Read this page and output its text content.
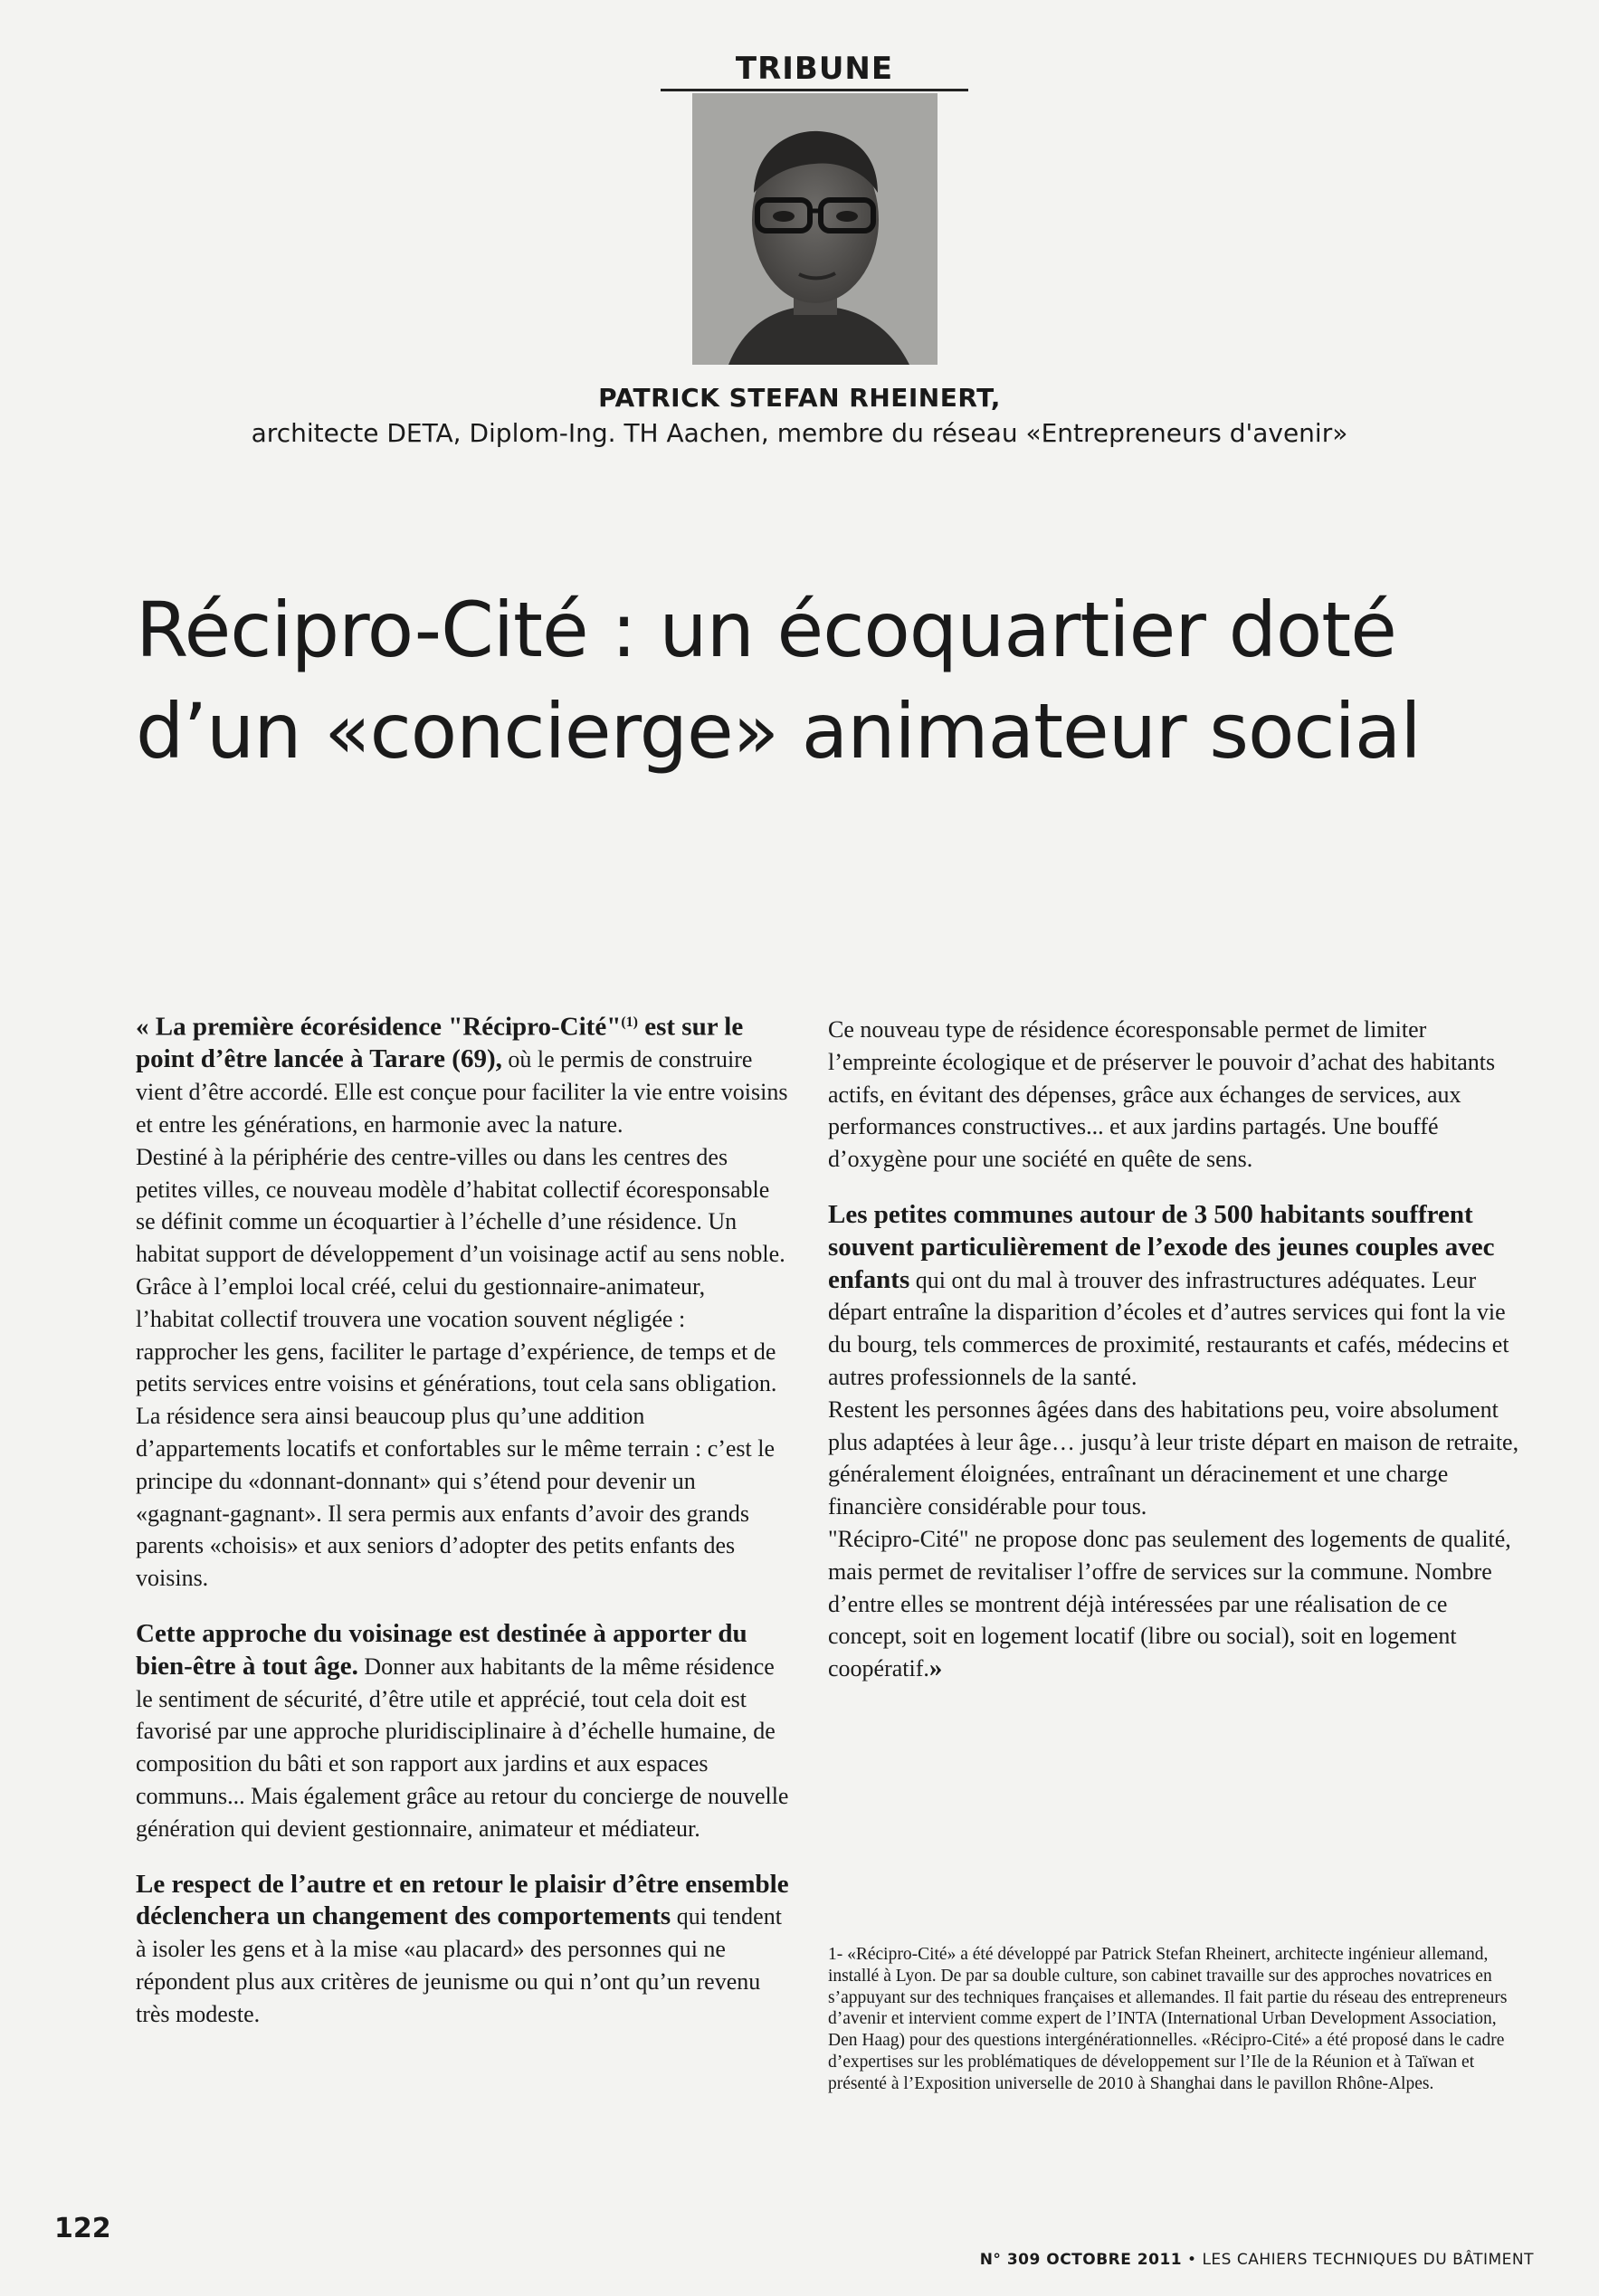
TRIBUNE
PATRICK STEFAN RHEINERT,
architecte DETA, Diplom-Ing. TH Aachen, membre du réseau «Entrepreneurs d'avenir»
Récipro-Cité : un écoquartier doté
d’un «concierge» animateur social

« La première écorésidence "Récipro-Cité"$^{(1)}$ est sur le point d’être lancée à Tarare (69), où le permis de construire vient d’être accordé. Elle est conçue pour faciliter la vie entre voisins et entre les générations, en harmonie avec la nature.

Destiné à la périphérie des centre-villes ou dans les centres des petites villes, ce nouveau modèle d’habitat collectif écoresponsable se définit comme un écoquartier à l’échelle d’une résidence. Un habitat support de développement d’un voisinage actif au sens noble.

Grâce à l’emploi local créé, celui du gestionnaire-animateur, l’habitat collectif trouvera une vocation souvent négligée : rapprocher les gens, faciliter le partage d’expérience, de temps et de petits services entre voisins et générations, tout cela sans obligation.

La résidence sera ainsi beaucoup plus qu’une addition d’appartements locatifs et confortables sur le même terrain : c’est le principe du «donnant-donnant» qui s’étend pour devenir un «gagnant-gagnant». Il sera permis aux enfants d’avoir des grands parents «choisis» et aux seniors d’adopter des petits enfants des voisins.

Cette approche du voisinage est destinée à apporter du bien-être à tout âge. Donner aux habitants de la même résidence le sentiment de sécurité, d’être utile et apprécié, tout cela doit est favorisé par une approche pluridisciplinaire à d’échelle humaine, de composition du bâti et son rapport aux jardins et aux espaces communs... Mais également grâce au retour du concierge de nouvelle génération qui devient gestionnaire, animateur et médiateur.

Le respect de l’autre et en retour le plaisir d’être ensemble déclenchera un changement des comportements qui tendent à isoler les gens et à la mise «au placard» des personnes qui ne répondent plus aux critères de jeunisme ou qui n’ont qu’un revenu très modeste.

Ce nouveau type de résidence écoresponsable permet de limiter l’empreinte écologique et de préserver le pouvoir d’achat des habitants actifs, en évitant des dépenses, grâce aux échanges de services, aux performances constructives... et aux jardins partagés. Une bouffé d’oxygène pour une société en quête de sens.

Les petites communes autour de 3 500 habitants souffrent souvent particulièrement de l’exode des jeunes couples avec enfants qui ont du mal à trouver des infrastructures adéquates. Leur départ entraîne la disparition d’écoles et d’autres services qui font la vie du bourg, tels commerces de proximité, restaurants et cafés, médecins et autres professionnels de la santé.

Restent les personnes âgées dans des habitations peu, voire absolument plus adaptées à leur âge… jusqu’à leur triste départ en maison de retraite, généralement éloignées, entraînant un déracinement et une charge financière considérable pour tous.

"Récipro-Cité" ne propose donc pas seulement des logements de qualité, mais permet de revitaliser l’offre de services sur la commune. Nombre d’entre elles se montrent déjà intéressées par une réalisation de ce concept, soit en logement locatif (libre ou social), soit en logement coopératif.»

1- «Récipro-Cité» a été développé par Patrick Stefan Rheinert, architecte ingénieur allemand, installé à Lyon. De par sa double culture, son cabinet travaille sur des approches novatrices en s’appuyant sur des techniques françaises et allemandes. Il fait partie du réseau des entrepreneurs d’avenir et intervient comme expert de l’INTA (International Urban Development Association, Den Haag) pour des questions intergénérationnelles. «Récipro-Cité» a été proposé dans le cadre d’expertises sur les problématiques de développement sur l’Ile de la Réunion et à Taïwan et présenté à l’Exposition universelle de 2010 à Shanghai dans le pavillon Rhône-Alpes.
122
N° 309 OCTOBRE 2011 • LES CAHIERS TECHNIQUES DU BÂTIMENT
